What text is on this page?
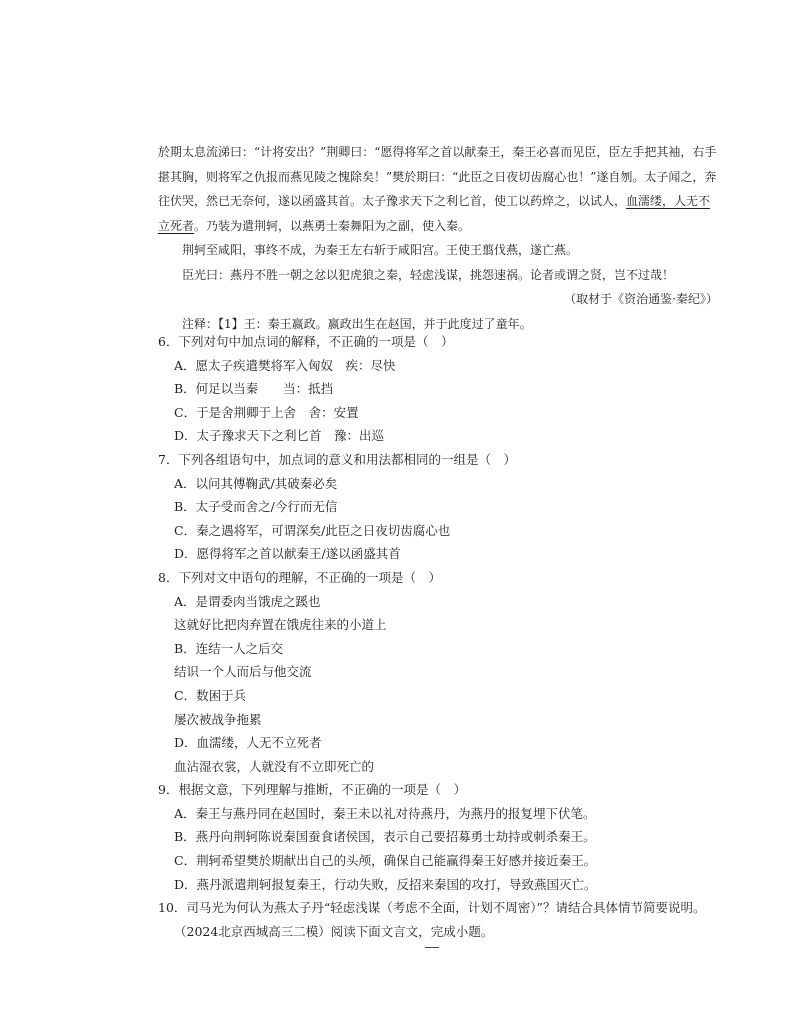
於期太息流涕曰：“计将安出？”荆卿曰：“愿得将军之首以献秦王，秦王必喜而见臣，臣左手把其袖，右手

揕其胸，则将军之仇报而燕见陵之愧除矣！”樊於期曰：“此臣之日夜切齿腐心也！”遂自刎。太子闻之，奔

往伏哭，然已无奈何，遂以函盛其首。太子豫求天下之利匕首，使工以药焠之，以试人，血濡缕，人无不

立死者。乃装为遣荆轲，以燕勇士秦舞阳为之副，使入秦。

荆轲至咸阳，事终不成，为秦王左右斩于咸阳宫。王使王翦伐燕，遂亡燕。

臣光曰：燕丹不胜一朝之忿以犯虎狼之秦，轻虑浅谋，挑怨速祸。论者或谓之贤，岂不过哉！

（取材于《资治通鉴·秦纪》）

注释：【1】王：秦王嬴政。嬴政出生在赵国，并于此度过了童年。

6．下列对句中加点词的解释，不正确的一项是（　）

A．愿太子疾遣樊将军入匈奴　疾：尽快

B．何足以当秦　　当：抵挡

C．于是舍荆卿于上舍　舍：安置

D．太子豫求天下之利匕首　豫：出巡

7．下列各组语句中，加点词的意义和用法都相同的一组是（　）

A．以问其傅鞠武/其破秦必矣

B．太子受而舍之/今行而无信

C．秦之遇将军，可谓深矣/此臣之日夜切齿腐心也

D．愿得将军之首以献秦王/遂以函盛其首

8．下列对文中语句的理解，不正确的一项是（　）

A．是谓委肉当饿虎之蹊也

这就好比把肉弃置在饿虎往来的小道上

B．连结一人之后交

结识一个人而后与他交流

C．数困于兵

屡次被战争拖累

D．血濡缕，人无不立死者

血沾湿衣裳，人就没有不立即死亡的

9．根据文意，下列理解与推断，不正确的一项是（　）

A．秦王与燕丹同在赵国时，秦王未以礼对待燕丹，为燕丹的报复埋下伏笔。

B．燕丹向荆轲陈说秦国蚕食诸侯国，表示自己要招募勇士劫持或刺杀秦王。

C．荆轲希望樊於期献出自己的头颅，确保自己能赢得秦王好感并接近秦王。

D．燕丹派遣荆轲报复秦王，行动失败，反招来秦国的攻打，导致燕国灭亡。

10．司马光为何认为燕太子丹“轻虑浅谋（考虑不全面，计划不周密）”？请结合具体情节简要说明。

（2024北京西城高三二模）阅读下面文言文，完成小题。
